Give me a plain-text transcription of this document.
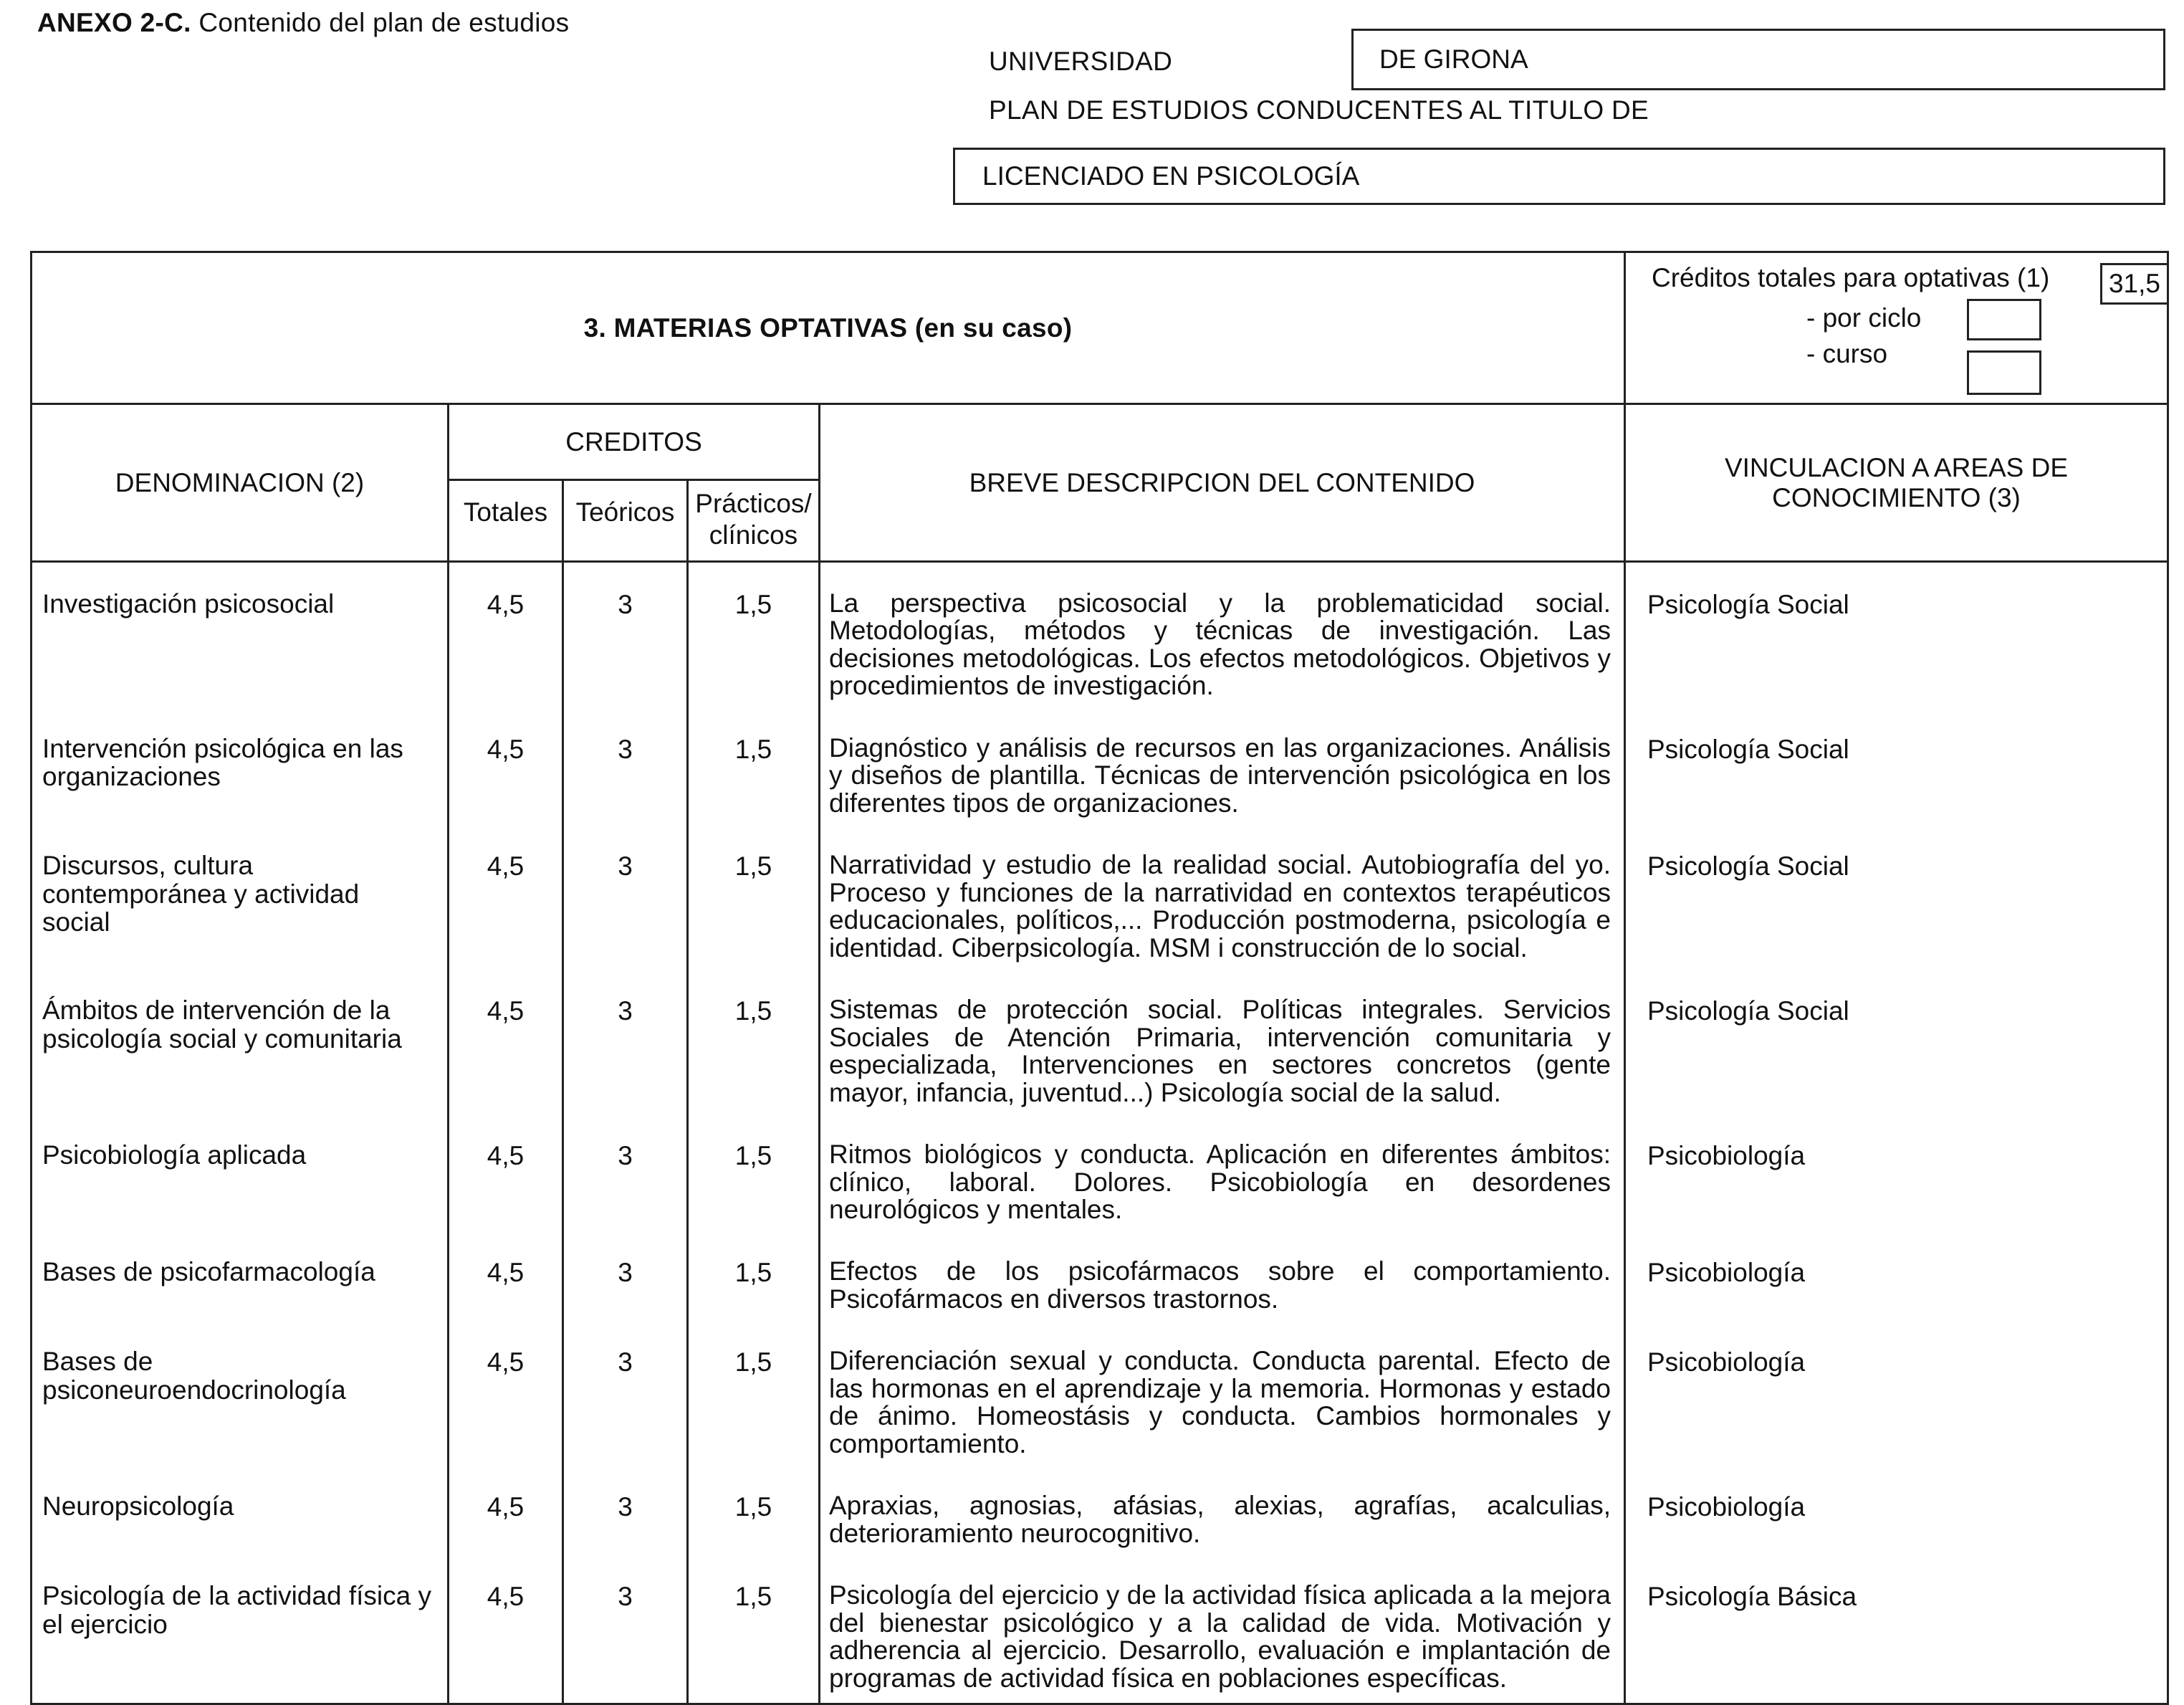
ANEXO 2-C. Contenido del plan de estudios
UNIVERSIDAD	DE GIRONA
PLAN DE ESTUDIOS CONDUCENTES AL TITULO DE
LICENCIADO EN PSICOLOGÍA
3. MATERIAS OPTATIVAS (en su caso)					Créditos totales para optativas (1) 31,5
- por ciclo
- curso

DENOMINACION (2)	CREDITOS			BREVE DESCRIPCION DEL CONTENIDO	VINCULACION A AREAS DE CONOCIMIENTO (3)
	Totales	Teóricos	Prácticos/ clínicos		
Investigación psicosocial	4,5	3	1,5	La perspectiva psicosocial y la problematicidad social. Metodologías, métodos y técnicas de investigación. Las decisiones metodológicas. Los efectos metodológicos. Objetivos y procedimientos de investigación.	Psicología Social
Intervención psicológica en las organizaciones	4,5	3	1,5	Diagnóstico y análisis de recursos en las organizaciones. Análisis y diseños de plantilla. Técnicas de intervención psicológica en los diferentes tipos de organizaciones.	Psicología Social
Discursos, cultura contemporánea y actividad social	4,5	3	1,5	Narratividad y estudio de la realidad social. Autobiografía del yo. Proceso y funciones de la narratividad en contextos terapéuticos educacionales, políticos,... Producción postmoderna, psicología e identidad. Ciberpsicología. MSM i construcción de lo social.	Psicología Social
Ámbitos de intervención de la psicología social y comunitaria	4,5	3	1,5	Sistemas de protección social. Políticas integrales. Servicios Sociales de Atención Primaria, intervención comunitaria y especializada, Intervenciones en sectores concretos (gente mayor, infancia, juventud...) Psicología social de la salud.	Psicología Social
Psicobiología aplicada	4,5	3	1,5	Ritmos biológicos y conducta. Aplicación en diferentes ámbitos: clínico, laboral. Dolores. Psicobiología en desordenes neurológicos y mentales.	Psicobiología
Bases de psicofarmacología	4,5	3	1,5	Efectos de los psicofármacos sobre el comportamiento. Psicofármacos en diversos trastornos.	Psicobiología
Bases de psiconeuroendocrinología	4,5	3	1,5	Diferenciación sexual y conducta. Conducta parental. Efecto de las hormonas en el aprendizaje y la memoria. Hormonas y estado de ánimo. Homeostásis y conducta. Cambios hormonales y comportamiento.	Psicobiología
Neuropsicología	4,5	3	1,5	Apraxias, agnosias, afásias, alexias, agrafías, acalculias, deterioramiento neurocognitivo.	Psicobiología
Psicología de la actividad física y el ejercicio	4,5	3	1,5	Psicología del ejercicio y de la actividad física aplicada a la mejora del bienestar psicológico y a la calidad de vida. Motivación y adherencia al ejercicio. Desarrollo, evaluación e implantación de programas de actividad física en poblaciones específicas.	Psicología Básica
